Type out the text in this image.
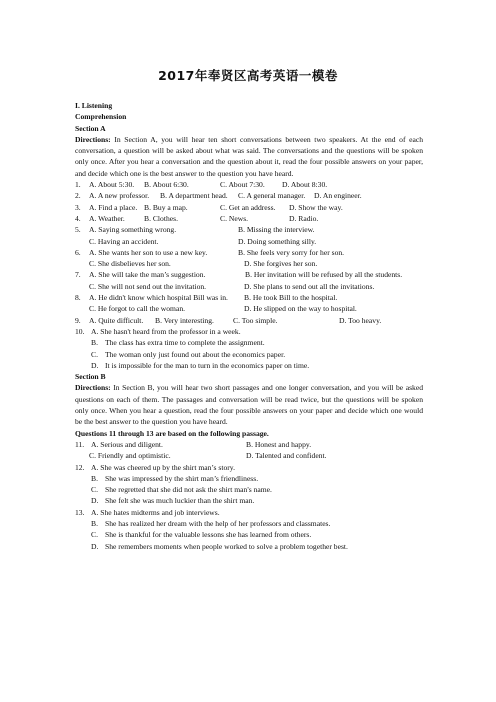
2017年奉贤区高考英语一模卷
I. Listening
Comprehension
Section A
Directions: In Section A, you will hear ten short conversations between two speakers. At the end of each conversation, a question will be asked about what was said. The conversations and the questions will be spoken only once. After you hear a conversation and the question about it, read the four possible answers on your paper, and decide which one is the best answer to the question you have heard.
1.	A. About 5:30.	B. About 6:30.	C. About 7:30.	D. About 8:30.
2.	A. A new professor.	B. A department head.	C. A general manager.	D. An engineer.
3.	A. Find a place. B. Buy a map.	C. Get an address.	D. Show the way.
4.	A. Weather.	B. Clothes.	C. News.	D. Radio.
5.	A. Saying something wrong.	B. Missing the interview.
C. Having an accident.	D. Doing something silly.
6.	A. She wants her son to use a new key.	B. She feels very sorry for her son.
C. She disbelieves her son.	D. She forgives her son.
7.	A. She will take the man’s suggestion.	B. Her invitation will be refused by all the students.
C. She will not send out the invitation.	D. She plans to send out all the invitations.
8.	A. He didn't know which hospital Bill was in.	B. He took Bill to the hospital.
C. He forgot to call the woman.	D. He slipped on the way to hospital.
9.	A. Quite difficult.	B. Very interesting.	C. Too simple.	D. Too heavy.
10. A. She hasn't heard from the professor in a week.
B. The class has extra time to complete the assignment.
C. The woman only just found out about the economics paper.
D. It is impossible for the man to turn in the economics paper on time.
Section B
Directions: In Section B, you will hear two short passages and one longer conversation, and you will be asked questions on each of them. The passages and conversation will be read twice, but the questions will be spoken only once. When you hear a question, read the four possible answers on your paper and decide which one would be the best answer to the question you have heard.
Questions 11 through 13 are based on the following passage.
11. A. Serious and diligent.	B. Honest and happy.
C. Friendly and optimistic.	D. Talented and confident.
12. A. She was cheered up by the shirt man’s story.
B. She was impressed by the shirt man’s friendliness.
C. She regretted that she did not ask the shirt man's name.
D. She felt she was much luckier than the shirt man.
13. A. She hates midterms and job interviews.
B. She has realized her dream with the help of her professors and classmates.
C. She is thankful for the valuable lessons she has learned from others.
D. She remembers moments when people worked to solve a problem together best.
